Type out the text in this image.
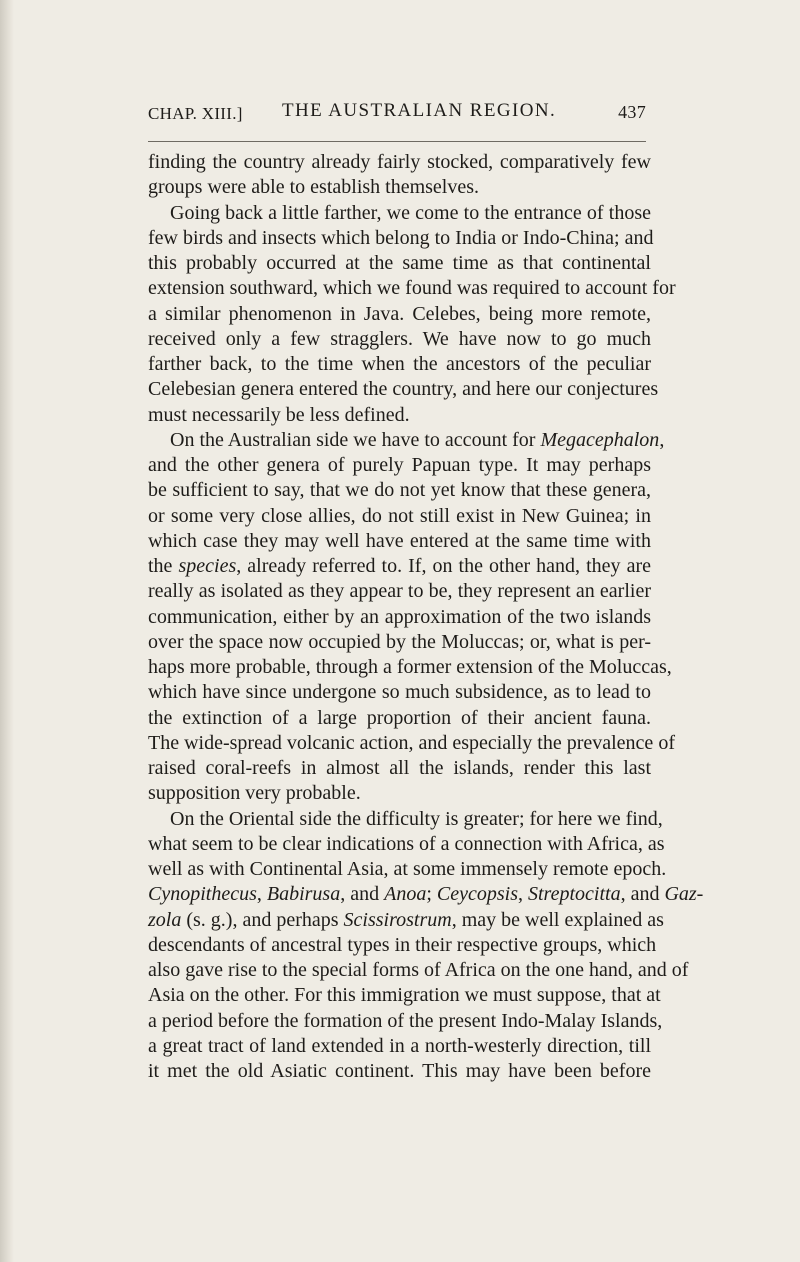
CHAP. XIII.] THE AUSTRALIAN REGION.	437
finding the country already fairly stocked, comparatively few
groups were able to establish themselves.
Going back a little farther, we come to the entrance of those
few birds and insects which belong to India or Indo-China; and
this probably occurred at the same time as that continental
extension southward, which we found was required to account for
a similar phenomenon in Java. Celebes, being more remote,
received only a few stragglers. We have now to go much
farther back, to the time when the ancestors of the peculiar
Celebesian genera entered the country, and here our conjectures
must necessarily be less defined.
On the Australian side we have to account for Megacephalon,
and the other genera of purely Papuan type. It may perhaps
be sufficient to say, that we do not yet know that these genera,
or some very close allies, do not still exist in New Guinea; in
which case they may well have entered at the same time with
the species, already referred to. If, on the other hand, they are
really as isolated as they appear to be, they represent an earlier
communication, either by an approximation of the two islands
over the space now occupied by the Moluccas; or, what is per-
haps more probable, through a former extension of the Moluccas,
which have since undergone so much subsidence, as to lead to
the extinction of a large proportion of their ancient fauna.
The wide-spread volcanic action, and especially the prevalence of
raised coral-reefs in almost all the islands, render this last
supposition very probable.
On the Oriental side the difficulty is greater; for here we find,
what seem to be clear indications of a connection with Africa, as
well as with Continental Asia, at some immensely remote epoch.
Cynopithecus, Babirusa, and Anoa; Ceycopsis, Streptocitta, and Gaz-
zola (s. g.), and perhaps Scissirostrum, may be well explained as
descendants of ancestral types in their respective groups, which
also gave rise to the special forms of Africa on the one hand, and of
Asia on the other. For this immigration we must suppose, that at
a period before the formation of the present Indo-Malay Islands,
a great tract of land extended in a north-westerly direction, till
it met the old Asiatic continent. This may have been before
